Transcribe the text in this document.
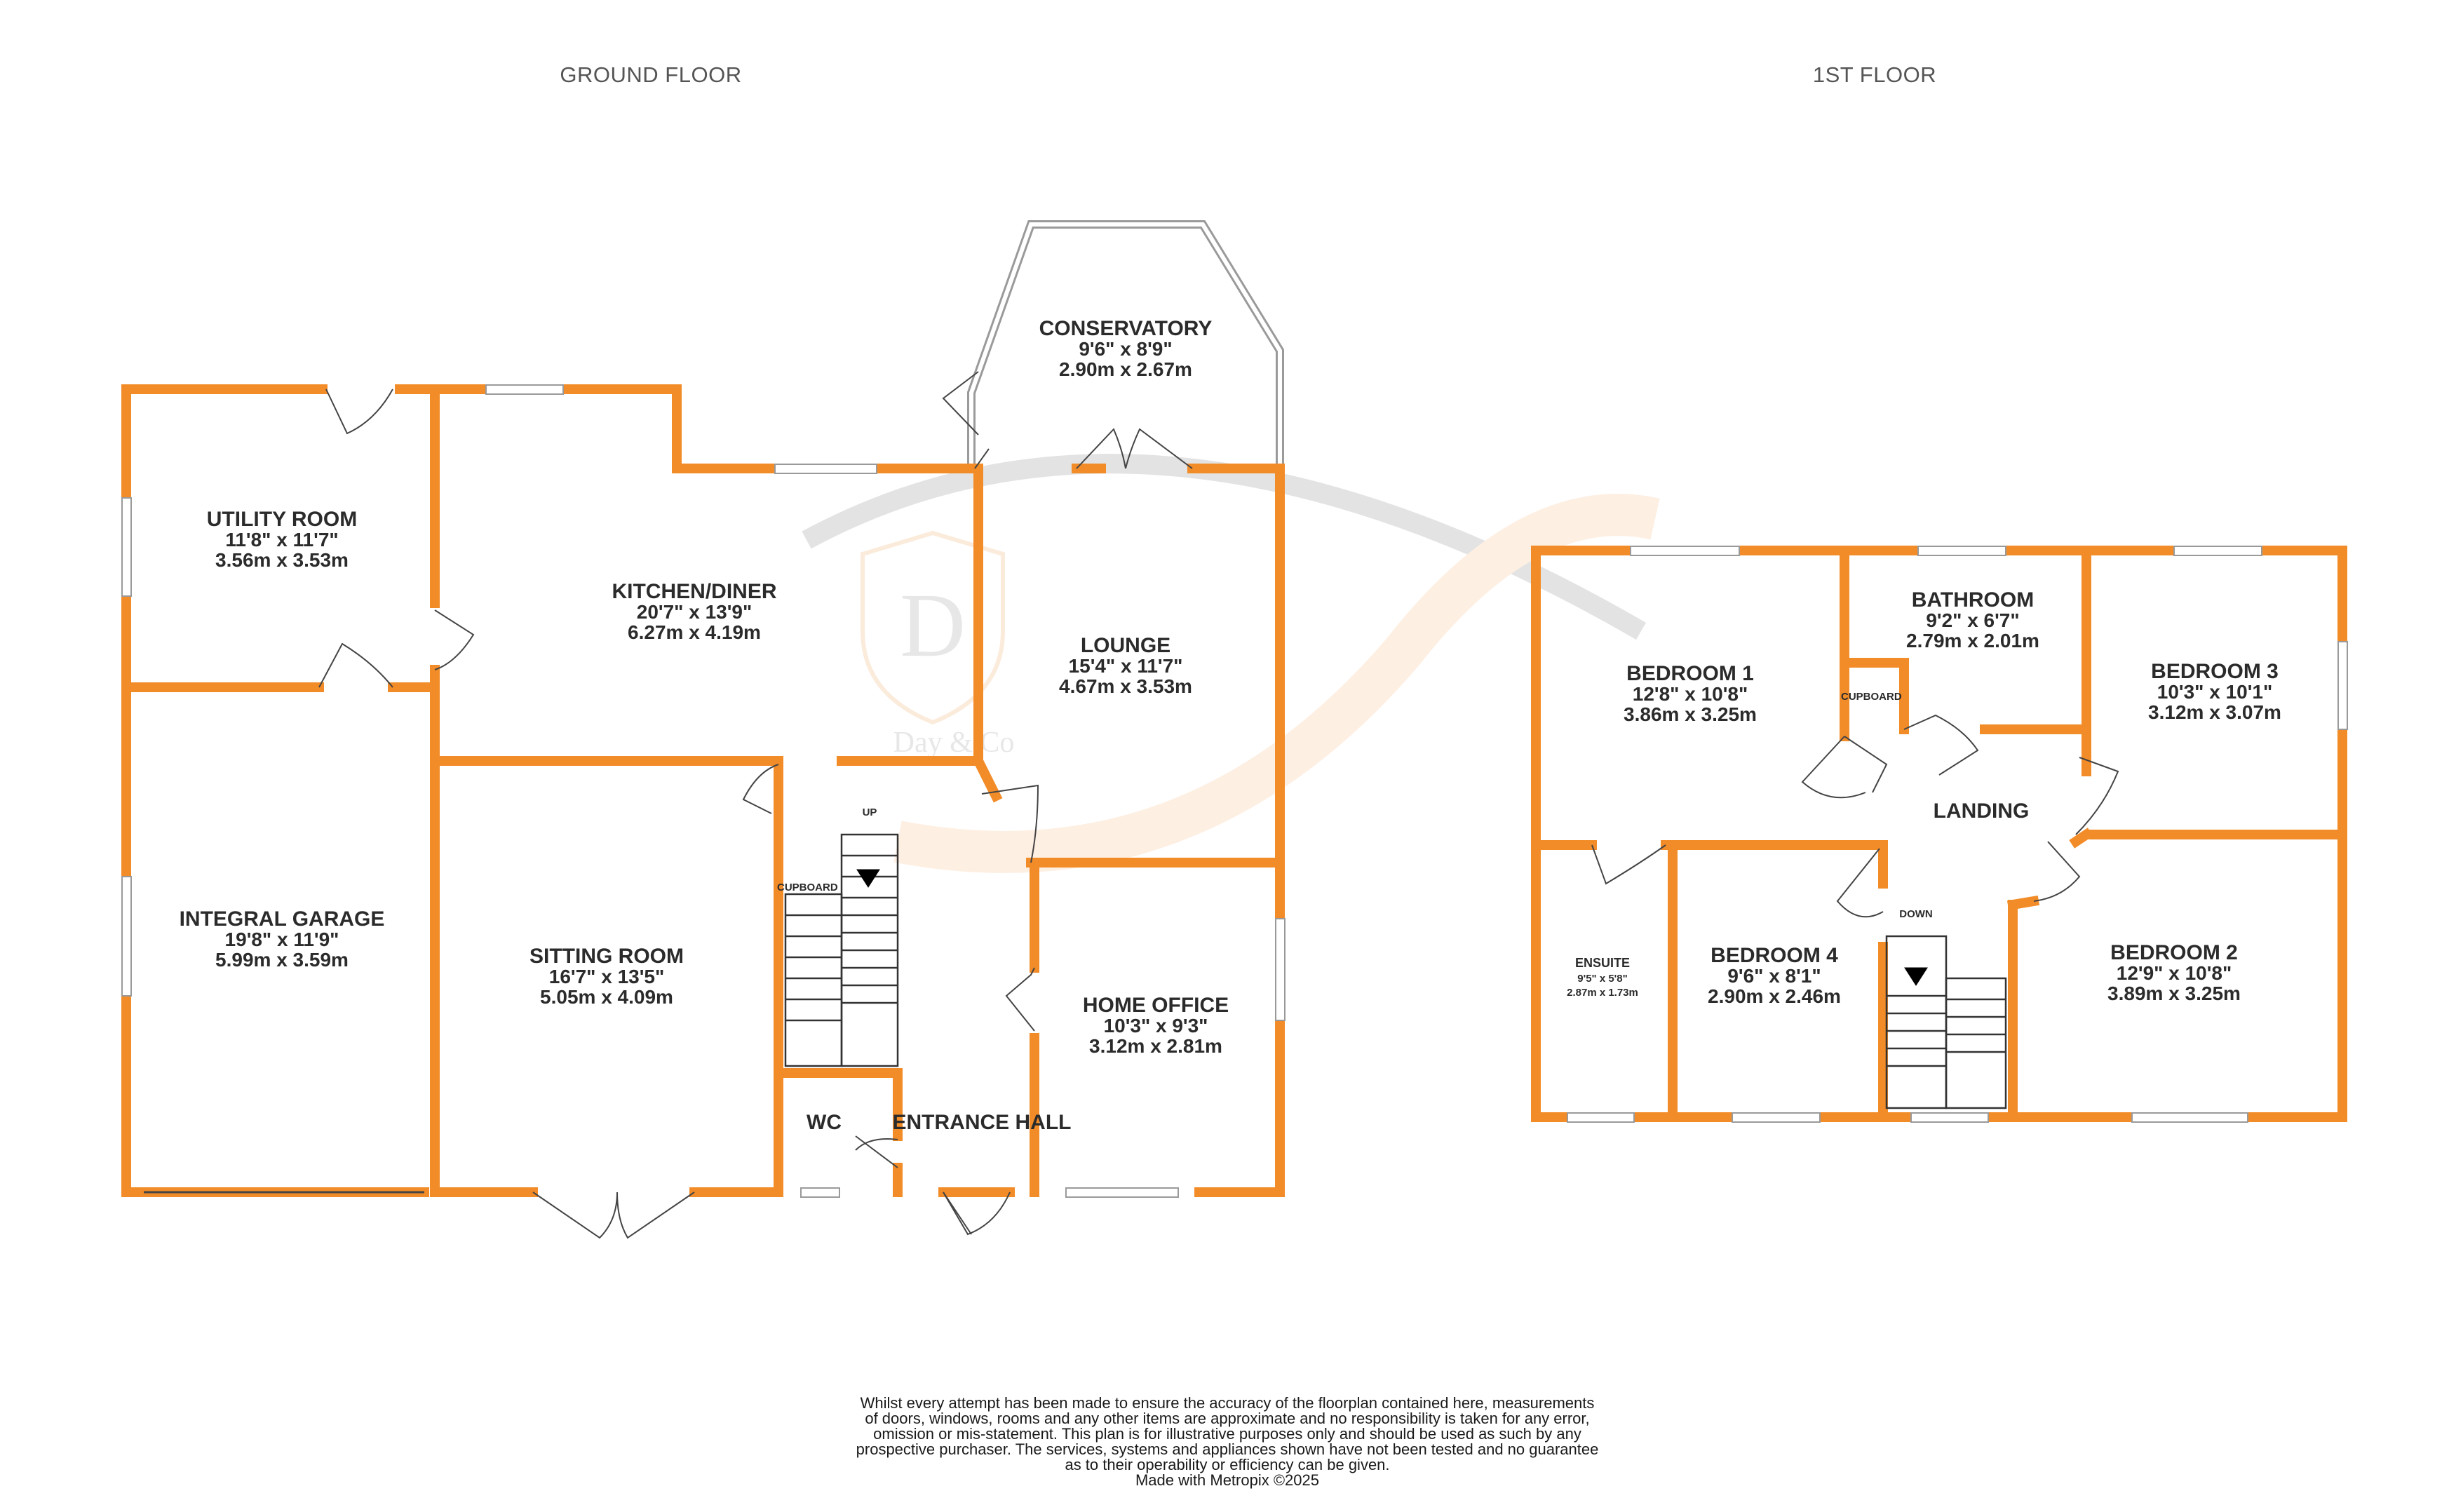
D
Day & Co
GROUND FLOOR	1ST FLOOR
UP
CUPBOARD
CONSERVATORY
9'6" x 8'9"
2.90m x 2.67m
UTILITY ROOM
11'8" x 11'7"
3.56m x 3.53m
KITCHEN/DINER
20'7" x 13'9"
6.27m x 4.19m
LOUNGE
15'4" x 11'7"
4.67m x 3.53m
INTEGRAL GARAGE
19'8" x 11'9"
5.99m x 3.59m	SITTING ROOM
16'7" x 13'5"
5.05m x 4.09m	HOME OFFICE
10'3" x 9'3"
3.12m x 2.81m
WC ENTRANCE HALL
DOWN
CUPBOARD
BEDROOM 1
12'8" x 10'8"
3.86m x 3.25m
BATHROOM
9'2" x 6'7"
2.79m x 2.01m
BEDROOM 3
10'3" x 10'1"
3.12m x 3.07m
LANDING
ENSUITE
9'5" x 5'8"
2.87m x 1.73m
BEDROOM 4
9'6" x 8'1"
2.90m x 2.46m
BEDROOM 2
12'9" x 10'8"
3.89m x 3.25m
Whilst every attempt has been made to ensure the accuracy of the floorplan contained here, measurements
of doors, windows, rooms and any other items are approximate and no responsibility is taken for any error,
omission or mis-statement. This plan is for illustrative purposes only and should be used as such by any
prospective purchaser. The services, systems and appliances shown have not been tested and no guarantee
as to their operability or efficiency can be given.
Made with Metropix ©2025
